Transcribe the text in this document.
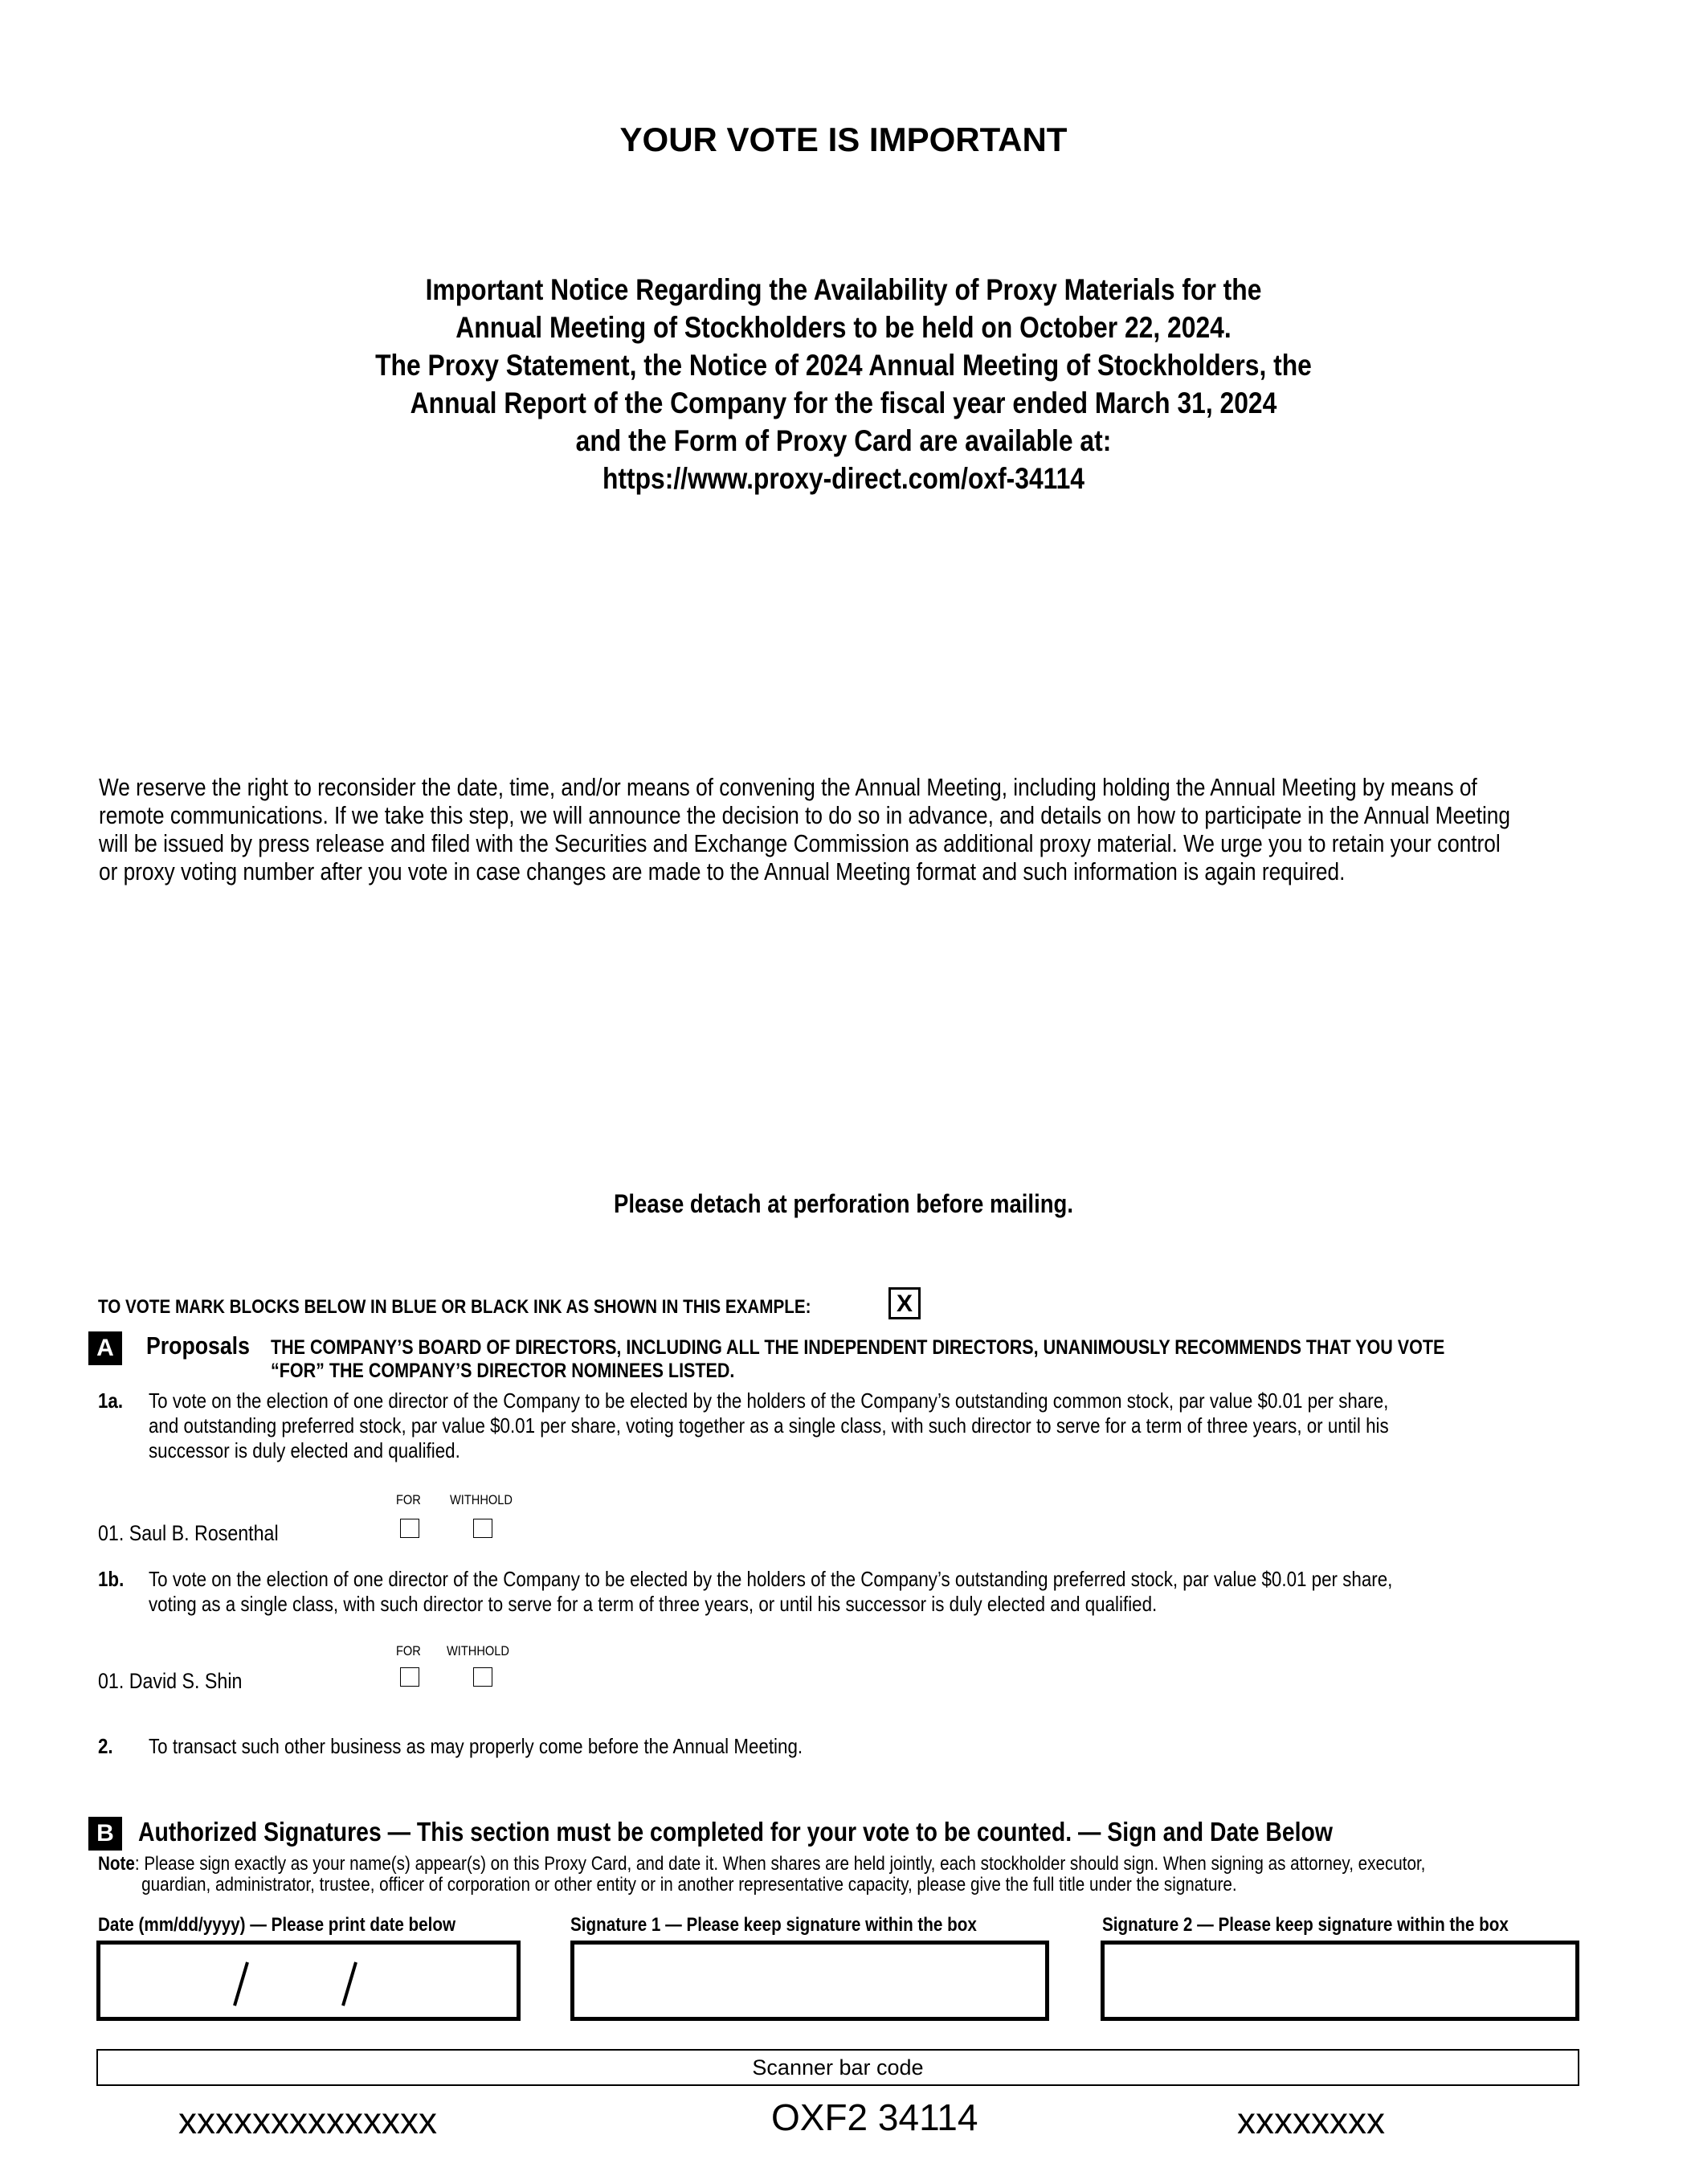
YOUR VOTE IS IMPORTANT
Important Notice Regarding the Availability of Proxy Materials for the
Annual Meeting of Stockholders to be held on October 22, 2024.
The Proxy Statement, the Notice of 2024 Annual Meeting of Stockholders, the
Annual Report of the Company for the fiscal year ended March 31, 2024
and the Form of Proxy Card are available at:
https://www.proxy-direct.com/oxf-34114
We reserve the right to reconsider the date, time, and/or means of convening the Annual Meeting, including holding the Annual Meeting by means of
remote communications. If we take this step, we will announce the decision to do so in advance, and details on how to participate in the Annual Meeting
will be issued by press release and filed with the Securities and Exchange Commission as additional proxy material. We urge you to retain your control
or proxy voting number after you vote in case changes are made to the Annual Meeting format and such information is again required.
Please detach at perforation before mailing.
TO VOTE MARK BLOCKS BELOW IN BLUE OR BLACK INK AS SHOWN IN THIS EXAMPLE:	X
A	Proposals THE COMPANY’S BOARD OF DIRECTORS, INCLUDING ALL THE INDEPENDENT DIRECTORS, UNANIMOUSLY RECOMMENDS THAT YOU VOTE
“FOR” THE COMPANY’S DIRECTOR NOMINEES LISTED.
1a. To vote on the election of one director of the Company to be elected by the holders of the Company’s outstanding common stock, par value $0.01 per share,
and outstanding preferred stock, par value $0.01 per share, voting together as a single class, with such director to serve for a term of three years, or until his
successor is duly elected and qualified.
FOR WITHHOLD
01. Saul B. Rosenthal
1b. To vote on the election of one director of the Company to be elected by the holders of the Company’s outstanding preferred stock, par value $0.01 per share,
voting as a single class, with such director to serve for a term of three years, or until his successor is duly elected and qualified.
FOR WITHHOLD
01. David S. Shin
2. To transact such other business as may properly come before the Annual Meeting.
B Authorized Signatures — This section must be completed for your vote to be counted. — Sign and Date Below
Note: Please sign exactly as your name(s) appear(s) on this Proxy Card, and date it. When shares are held jointly, each stockholder should sign. When signing as attorney, executor,
guardian, administrator, trustee, officer of corporation or other entity or in another representative capacity, please give the full title under the signature.
Date (mm/dd/yyyy) — Please print date below	Signature 1 — Please keep signature within the box	Signature 2 — Please keep signature within the box
Scanner bar code
xxxxxxxxxxxxxx	OXF2 34114	xxxxxxxx
